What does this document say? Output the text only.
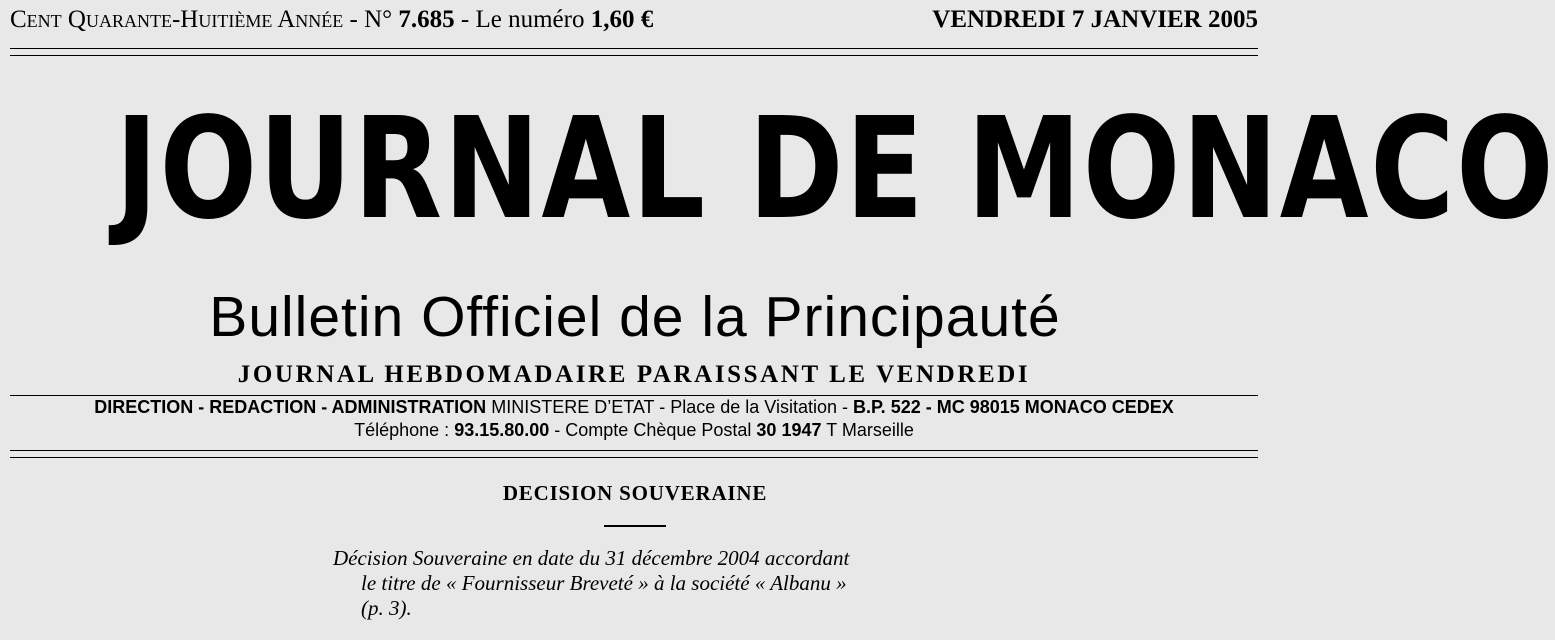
Cent Quarante-Huitième Année - N° 7.685 - Le numéro 1,60 €	VENDREDI 7 JANVIER 2005
JOURNAL DE MONACO
Bulletin Officiel de la Principauté
JOURNAL HEBDOMADAIRE PARAISSANT LE VENDREDI
DIRECTION - REDACTION - ADMINISTRATION MINISTERE D’ETAT - Place de la Visitation - B.P. 522 - MC 98015 MONACO CEDEX
Téléphone : 93.15.80.00 - Compte Chèque Postal 30 1947 T Marseille
DECISION SOUVERAINE
Décision Souveraine en date du 31 décembre 2004 accordant
le titre de « Fournisseur Breveté » à la société « Albanu »
(p. 3).
